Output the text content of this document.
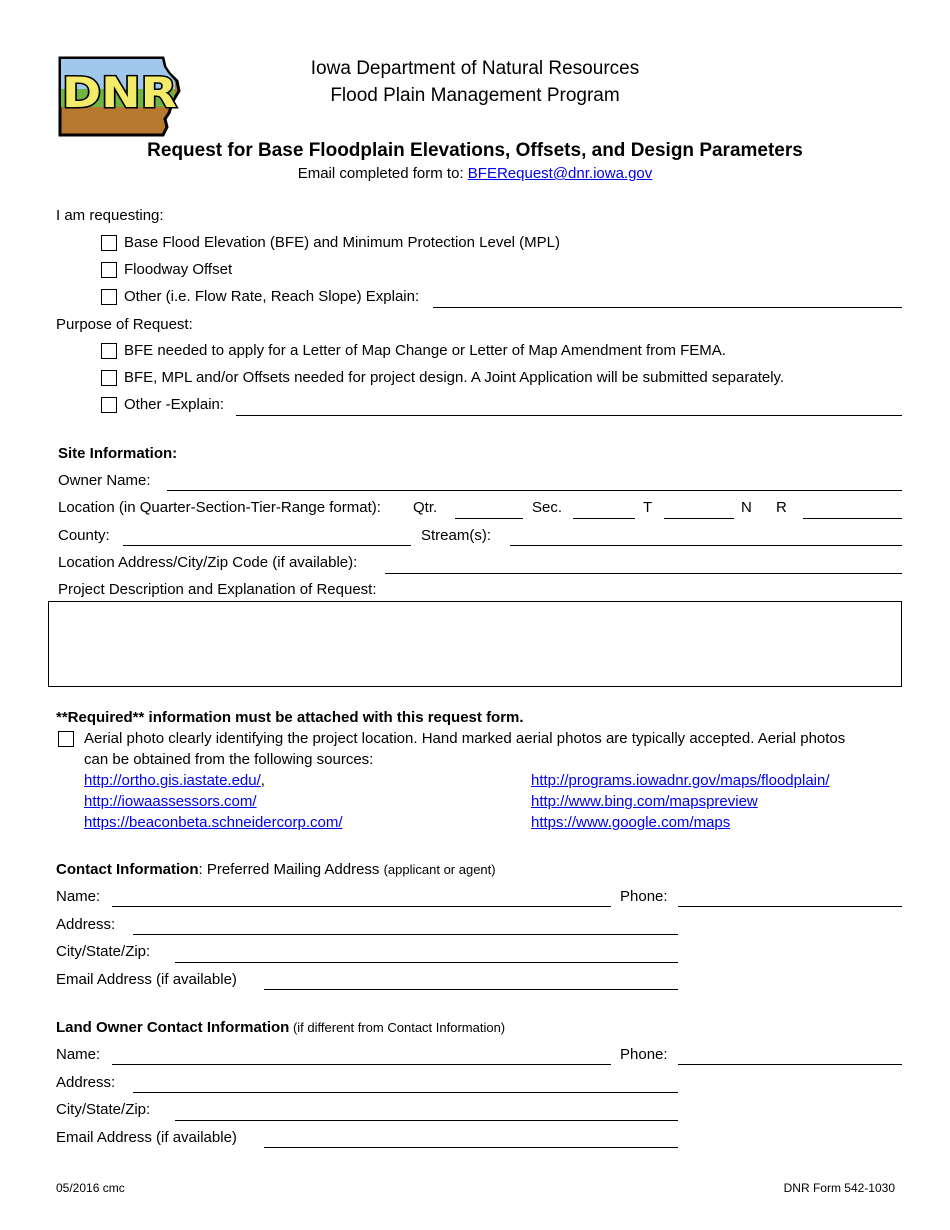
DNR	Iowa Department of Natural Resources
Flood Plain Management Program
Request for Base Floodplain Elevations, Offsets, and Design Parameters
Email completed form to: BFERequest@dnr.iowa.gov
I am requesting:
Base Flood Elevation (BFE) and Minimum Protection Level (MPL)
Floodway Offset
Other (i.e. Flow Rate, Reach Slope) Explain:
Purpose of Request:
BFE needed to apply for a Letter of Map Change or Letter of Map Amendment from FEMA.
BFE, MPL and/or Offsets needed for project design. A Joint Application will be submitted separately.
Other -Explain:
Site Information:
Owner Name:
Location (in Quarter-Section-Tier-Range format): Qtr.	Sec.	T	N R
County:	Stream(s):
Location Address/City/Zip Code (if available):
Project Description and Explanation of Request:
**Required** information must be attached with this request form.
Aerial photo clearly identifying the project location. Hand marked aerial photos are typically accepted. Aerial photos
can be obtained from the following sources:
http://ortho.gis.iastate.edu/,
http://iowaassessors.com/
https://beaconbeta.schneidercorp.com/
http://programs.iowadnr.gov/maps/floodplain/
http://www.bing.com/mapspreview
https://www.google.com/maps
Contact Information: Preferred Mailing Address (applicant or agent)
Name:	Phone:
Address:
City/State/Zip:
Email Address (if available)
Land Owner Contact Information (if different from Contact Information)
Name:	Phone:
Address:
City/State/Zip:
Email Address (if available)
05/2016 cmc	DNR Form 542-1030
